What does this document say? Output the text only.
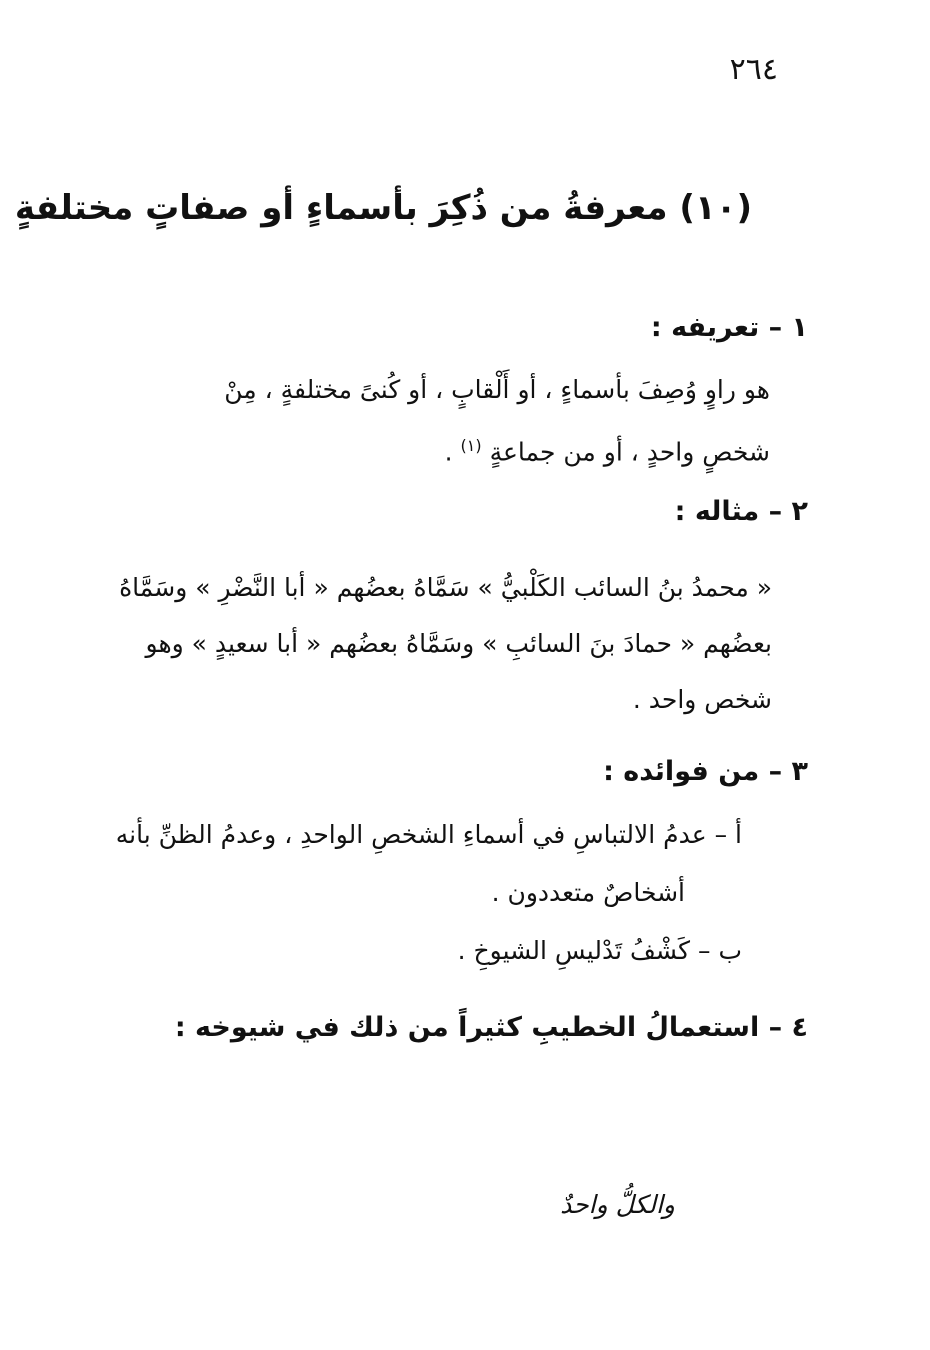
٢٦٤
(١٠) معرفةُ من ذُكِرَ بأسماءٍ أو صفاتٍ مختلفةٍ
١ – تعريفه :
هو راوٍ وُصِفَ بأسماءٍ ، أو أَلْقابٍ ، أو كُنىً مختلفةٍ ، مِنْ
شخصٍ واحدٍ ، أو من جماعةٍ $^{(١)}$ .
٢ – مثاله :
« محمدُ بنُ السائب الكَلْبيُّ » سَمَّاهُ بعضُهم « أبا النَّضْرِ » وسَمَّاهُ
بعضُهم « حمادَ بنَ السائبِ » وسَمَّاهُ بعضُهم « أبا سعيدٍ » وهو
شخص واحد .
٣ – من فوائده :
أ – عدمُ الالتباسِ في أسماءِ الشخصِ الواحدِ ، وعدمُ الظنِّ بأنه
أشخاصٌ متعددون .
ب – كَشْفُ تَدْليسِ الشيوخِ .
٤ – استعمالُ الخطيبِ كثيراً من ذلك في شيوخه :
والكلُّ واحدٌ
